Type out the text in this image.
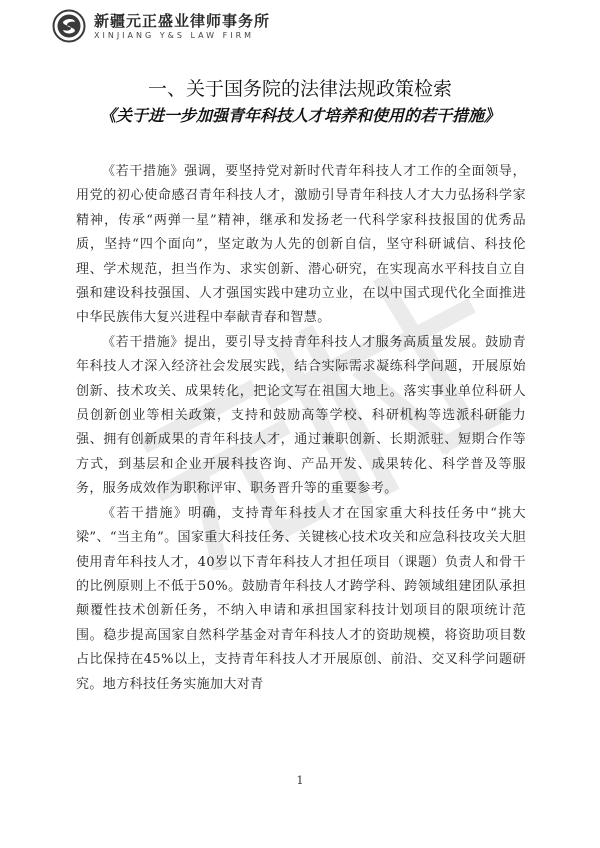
新疆元正盛业律师事务所
XINJIANG Y&S LAW FIRM
一、关于国务院的法律法规政策检索
《关于进一步加强青年科技人才培养和使用的若干措施》

《若干措施》强调，要坚持党对新时代青年科技人才工作的全面领导，用党的初心使命感召青年科技人才，激励引导青年科技人才大力弘扬科学家精神，传承“两弹一星”精神，继承和发扬老一代科学家科技报国的优秀品质，坚持“四个面向”，坚定敢为人先的创新自信，坚守科研诚信、科技伦理、学术规范，担当作为、求实创新、潜心研究，在实现高水平科技自立自强和建设科技强国、人才强国实践中建功立业，在以中国式现代化全面推进中华民族伟大复兴进程中奉献青春和智慧。

《若干措施》提出，要引导支持青年科技人才服务高质量发展。鼓励青年科技人才深入经济社会发展实践，结合实际需求凝练科学问题，开展原始创新、技术攻关、成果转化，把论文写在祖国大地上。落实事业单位科研人员创新创业等相关政策，支持和鼓励高等学校、科研机构等选派科研能力强、拥有创新成果的青年科技人才，通过兼职创新、长期派驻、短期合作等方式，到基层和企业开展科技咨询、产品开发、成果转化、科学普及等服务，服务成效作为职称评审、职务晋升等的重要参考。

《若干措施》明确，支持青年科技人才在国家重大科技任务中“挑大梁”、“当主角”。国家重大科技任务、关键核心技术攻关和应急科技攻关大胆使用青年科技人才，40岁以下青年科技人才担任项目（课题）负责人和骨干的比例原则上不低于50%。鼓励青年科技人才跨学科、跨领域组建团队承担颠覆性技术创新任务，不纳入申请和承担国家科技计划项目的限项统计范围。稳步提高国家自然科学基金对青年科技人才的资助规模，将资助项目数占比保持在45%以上，支持青年科技人才开展原创、前沿、交叉科学问题研究。地方科技任务实施加大对青

1
